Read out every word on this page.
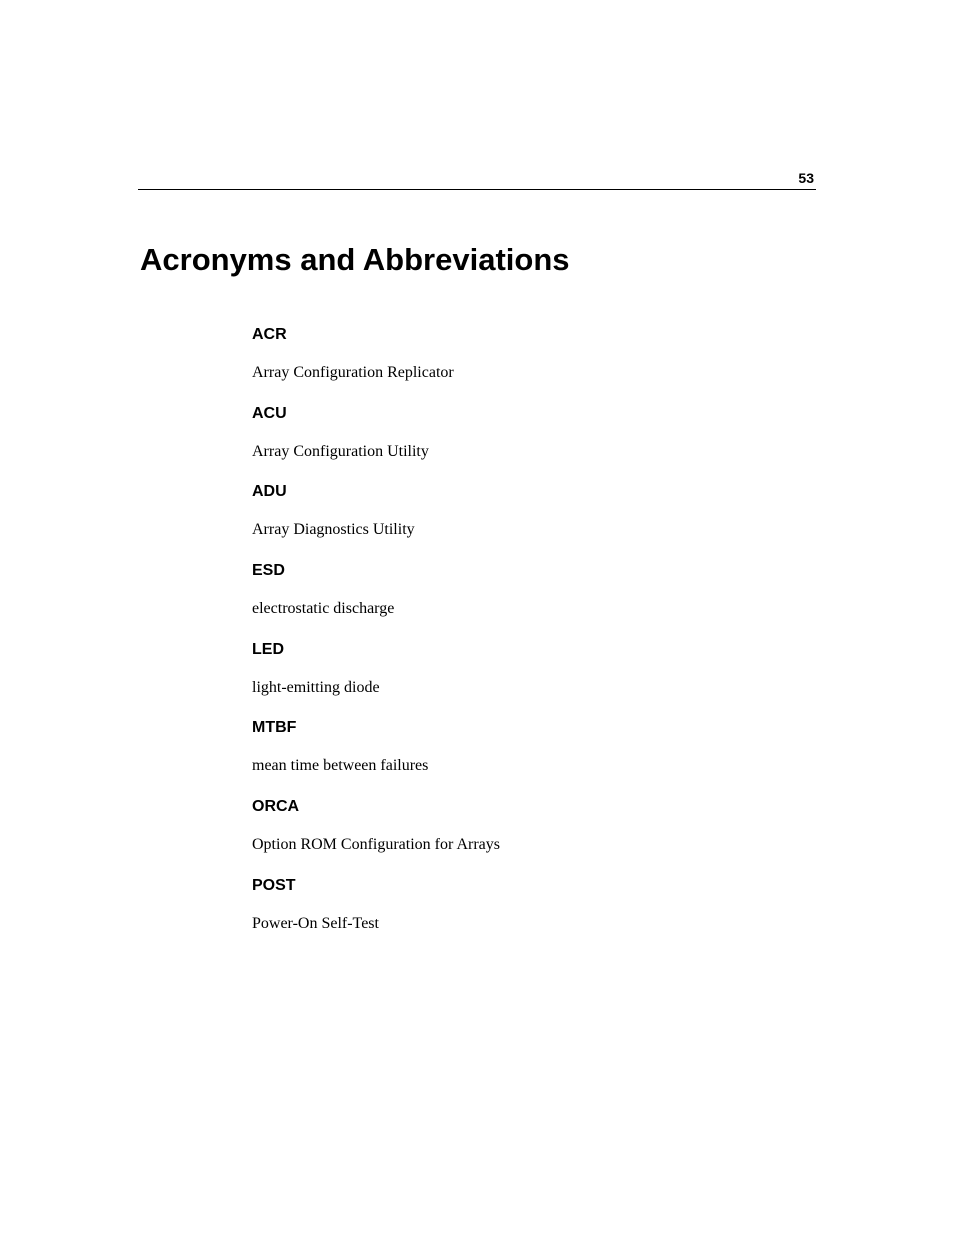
53
Acronyms and Abbreviations
ACR
Array Configuration Replicator
ACU
Array Configuration Utility
ADU
Array Diagnostics Utility
ESD
electrostatic discharge
LED
light-emitting diode
MTBF
mean time between failures
ORCA
Option ROM Configuration for Arrays
POST
Power-On Self-Test
